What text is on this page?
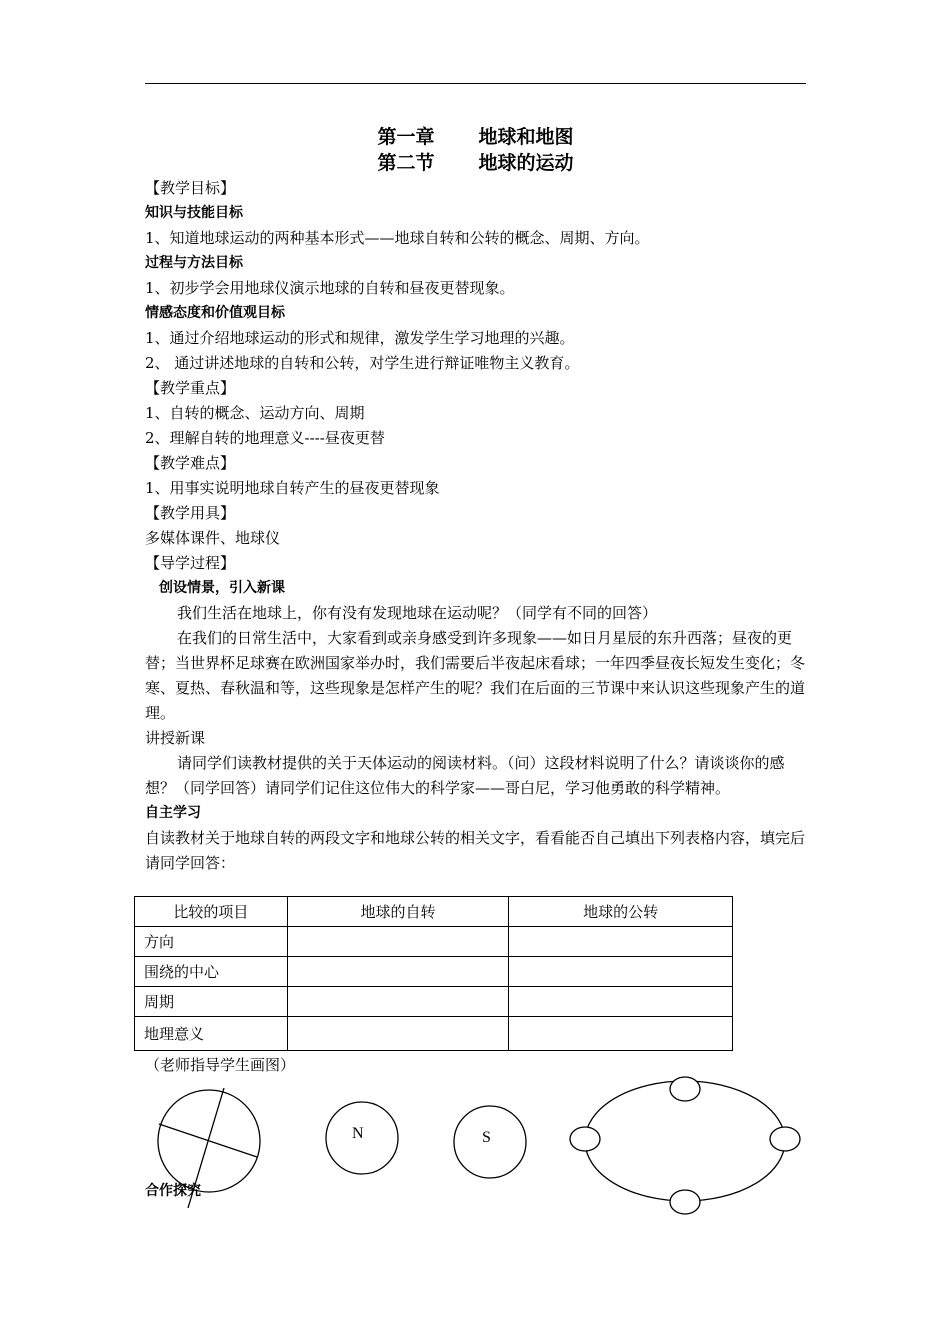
第一章 地球和地图
第二节 地球的运动

【教学目标】

知识与技能目标

1、知道地球运动的两种基本形式——地球自转和公转的概念、周期、方向。

过程与方法目标

1、初步学会用地球仪演示地球的自转和昼夜更替现象。

情感态度和价值观目标

1、通过介绍地球运动的形式和规律，激发学生学习地理的兴趣。

2、 通过讲述地球的自转和公转，对学生进行辩证唯物主义教育。

【教学重点】

1、自转的概念、运动方向、周期

2、理解自转的地理意义----昼夜更替

【教学难点】

1、用事实说明地球自转产生的昼夜更替现象

【教学用具】

多媒体课件、地球仪

【导学过程】

创设情景，引入新课

我们生活在地球上，你有没有发现地球在运动呢？（同学有不同的回答）

在我们的日常生活中，大家看到或亲身感受到许多现象——如日月星辰的东升西落；昼夜的更替；当世界杯足球赛在欧洲国家举办时，我们需要后半夜起床看球；一年四季昼夜长短发生变化；冬寒、夏热、春秋温和等，这些现象是怎样产生的呢？我们在后面的三节课中来认识这些现象产生的道理。

讲授新课

请同学们读教材提供的关于天体运动的阅读材料。（问）这段材料说明了什么？请谈谈你的感想？（同学回答）请同学们记住这位伟大的科学家——哥白尼，学习他勇敢的科学精神。

自主学习

自读教材关于地球自转的两段文字和地球公转的相关文字，看看能否自己填出下列表格内容，填完后请同学回答：

比较的项目	地球的自转	地球的公转
方向		
围绕的中心		
周期		
地理意义		
（老师指导学生画图）
N	S
合作探究
